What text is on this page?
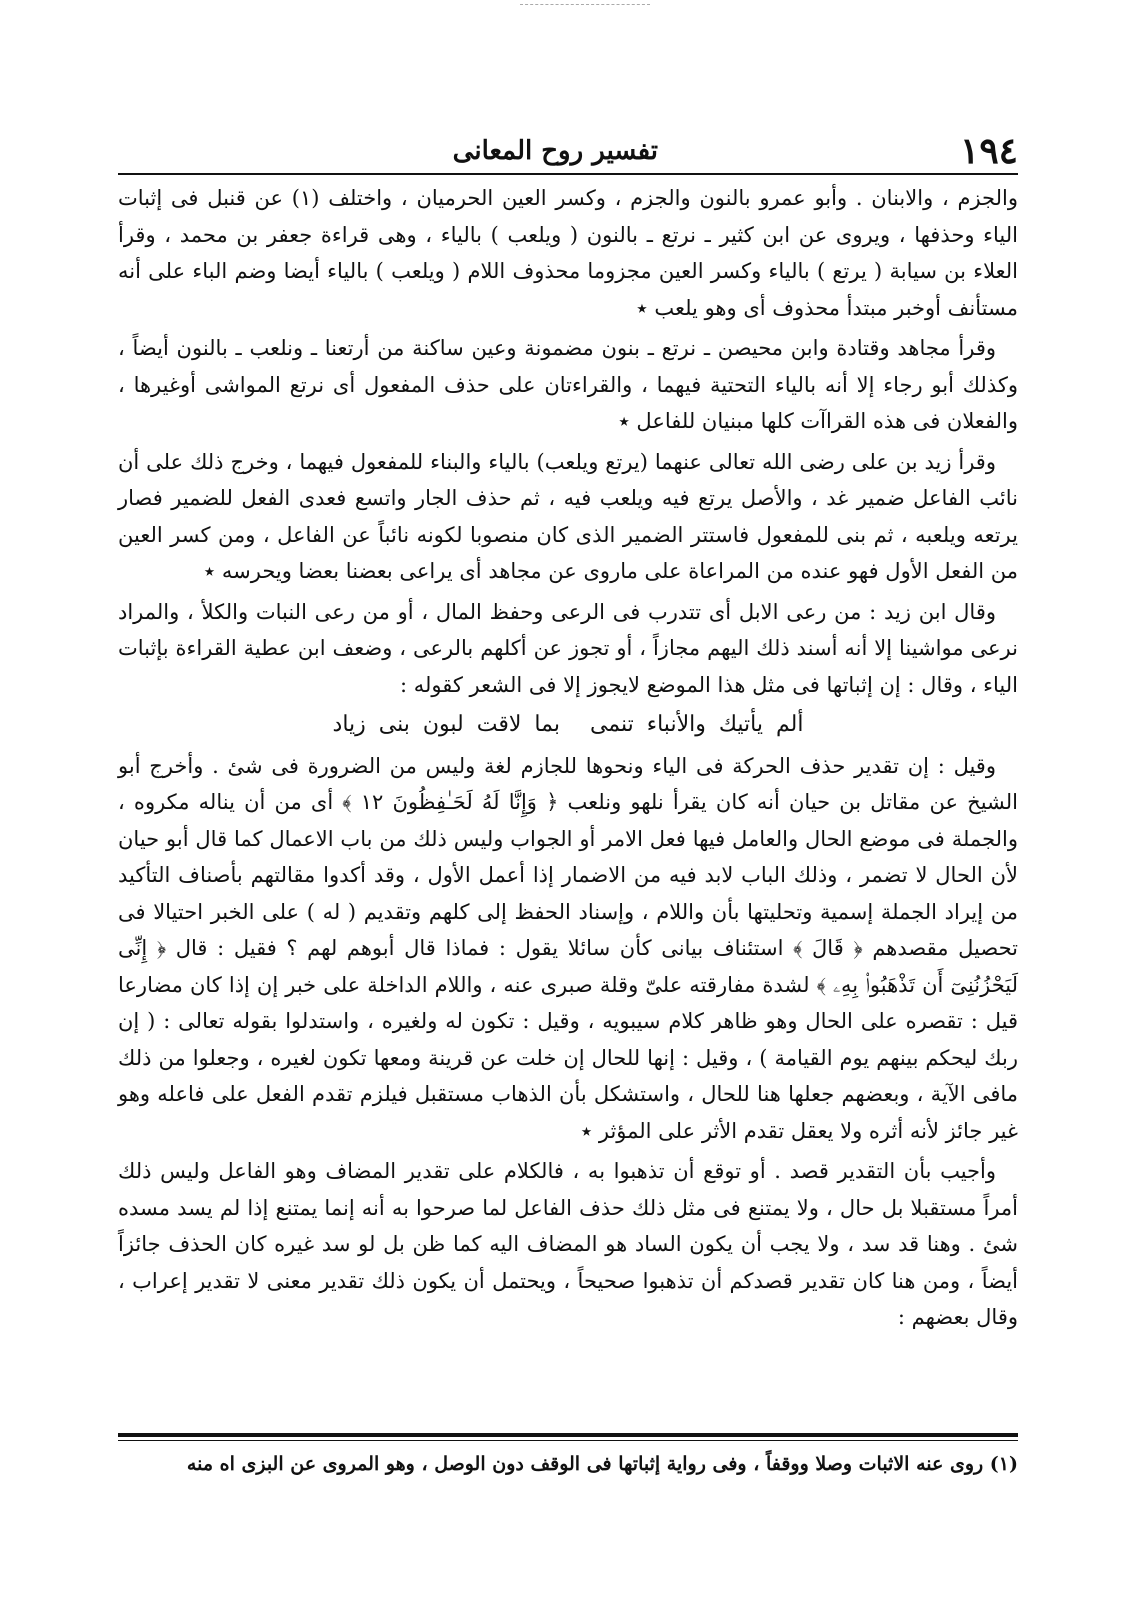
١٩٤
تفسير روح المعانى

والجزم ، والابنان . وأبو عمرو بالنون والجزم ، وكسر العين الحرميان ، واختلف (١) عن قنبل فى إثبات الياء وحذفها ، ويروى عن ابن كثير ـ نرتع ـ بالنون ( ويلعب ) بالياء ، وهى قراءة جعفر بن محمد ، وقرأ العلاء بن سيابة ( يرتع ) بالياء وكسر العين مجزوما محذوف اللام ( ويلعب ) بالياء أيضا وضم الباء على أنه مستأنف أوخبر مبتدأ محذوف أى وهو يلعب ٭

وقرأ مجاهد وقتادة وابن محيصن ـ نرتع ـ بنون مضمونة وعين ساكنة من أرتعنا ـ ونلعب ـ بالنون أيضاً ، وكذلك أبو رجاء إلا أنه بالياء التحتية فيهما ، والقراءتان على حذف المفعول أى نرتع المواشى أوغيرها ، والفعلان فى هذه القراآت كلها مبنيان للفاعل ٭

وقرأ زيد بن على رضى الله تعالى عنهما (يرتع ويلعب) بالياء والبناء للمفعول فيهما ، وخرج ذلك على أن نائب الفاعل ضمير غد ، والأصل يرتع فيه ويلعب فيه ، ثم حذف الجار واتسع فعدى الفعل للضمير فصار يرتعه ويلعبه ، ثم بنى للمفعول فاستتر الضمير الذى كان منصوبا لكونه نائباً عن الفاعل ، ومن كسر العين من الفعل الأول فهو عنده من المراعاة على ماروى عن مجاهد أى يراعى بعضنا بعضا ويحرسه ٭

وقال ابن زيد : من رعى الابل أى تتدرب فى الرعى وحفظ المال ، أو من رعى النبات والكلأ ، والمراد نرعى مواشينا إلا أنه أسند ذلك اليهم مجازاً ، أو تجوز عن أكلهم بالرعى ، وضعف ابن عطية القراءة بإثبات الياء ، وقال : إن إثباتها فى مثل هذا الموضع لايجوز إلا فى الشعر كقوله :

ألم يأتيك والأنباء تنمىبما لاقت لبون بنى زياد

وقيل : إن تقدير حذف الحركة فى الياء ونحوها للجازم لغة وليس من الضرورة فى شئ . وأخرج أبو الشيخ عن مقاتل بن حيان أنه كان يقرأ نلهو ونلعب ﴿ وَإِنَّا لَهُ لَحَـٰفِظُونَ ١٢ ﴾ أى من أن يناله مكروه ، والجملة فى موضع الحال والعامل فيها فعل الامر أو الجواب وليس ذلك من باب الاعمال كما قال أبو حيان لأن الحال لا تضمر ، وذلك الباب لابد فيه من الاضمار إذا أعمل الأول ، وقد أكدوا مقالتهم بأصناف التأكيد من إيراد الجملة إسمية وتحليتها بأن واللام ، وإسناد الحفظ إلى كلهم وتقديم ( له ) على الخبر احتيالا فى تحصيل مقصدهم ﴿ قَالَ ﴾ استئناف بيانى كأن سائلا يقول : فماذا قال أبوهم لهم ؟ فقيل : قال ﴿ إِنِّى لَيَحْزُنُنِىٓ أَن تَذْهَبُوا۟ بِهِۦ ﴾ لشدة مفارقته علىّ وقلة صبرى عنه ، واللام الداخلة على خبر إن إذا كان مضارعا قيل : تقصره على الحال وهو ظاهر كلام سيبويه ، وقيل : تكون له ولغيره ، واستدلوا بقوله تعالى : ( إن ربك ليحكم بينهم يوم القيامة ) ، وقيل : إنها للحال إن خلت عن قرينة ومعها تكون لغيره ، وجعلوا من ذلك مافى الآية ، وبعضهم جعلها هنا للحال ، واستشكل بأن الذهاب مستقبل فيلزم تقدم الفعل على فاعله وهو غير جائز لأنه أثره ولا يعقل تقدم الأثر على المؤثر ٭

وأجيب بأن التقدير قصد . أو توقع أن تذهبوا به ، فالكلام على تقدير المضاف وهو الفاعل وليس ذلك أمراً مستقبلا بل حال ، ولا يمتنع فى مثل ذلك حذف الفاعل لما صرحوا به أنه إنما يمتنع إذا لم يسد مسده شئ . وهنا قد سد ، ولا يجب أن يكون الساد هو المضاف اليه كما ظن بل لو سد غيره كان الحذف جائزاً أيضاً ، ومن هنا كان تقدير قصدكم أن تذهبوا صحيحاً ، ويحتمل أن يكون ذلك تقدير معنى لا تقدير إعراب ، وقال بعضهم :

(١) روى عنه الاثبات وصلا ووقفاً ، وفى رواية إثباتها فى الوقف دون الوصل ، وهو المروى عن البزى اه منه
